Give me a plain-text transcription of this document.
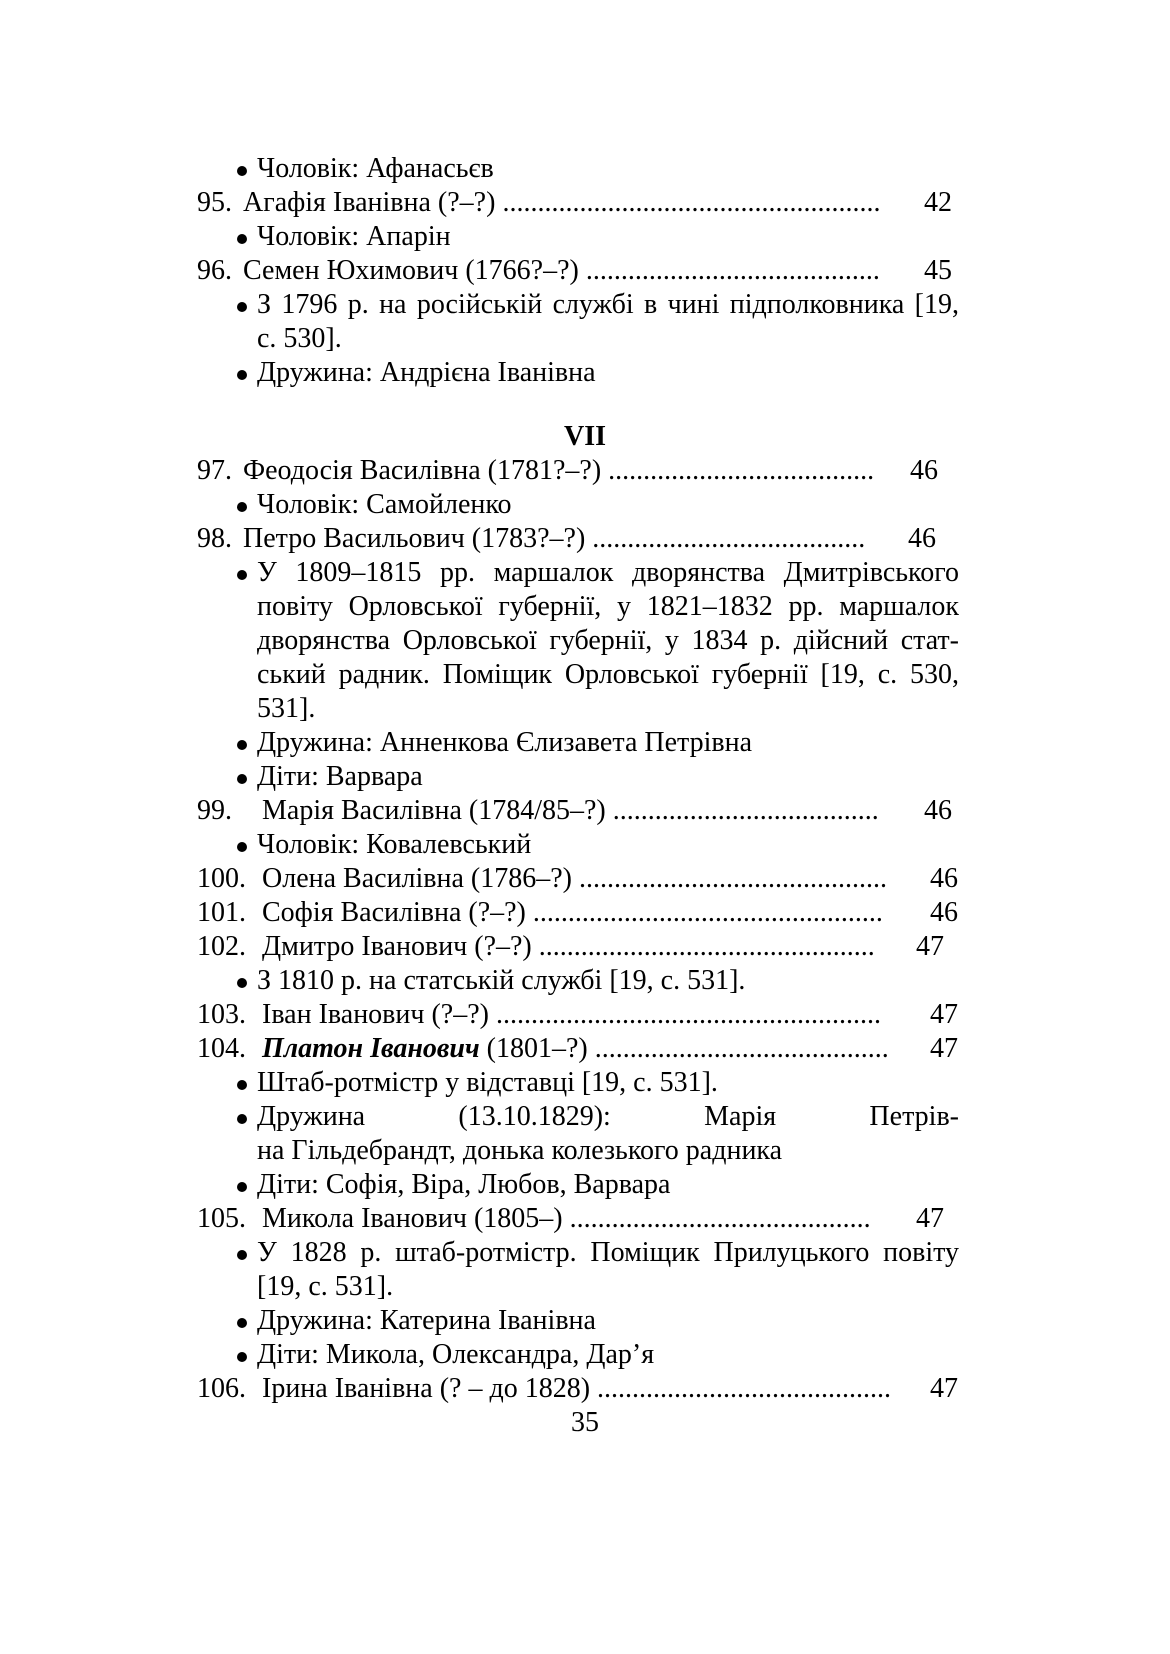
Чоловік: Афанасьєв
95. Агафія Іванівна (?–?) ...................................................... 42
Чоловік: Апарін
96. Семен Юхимович (1766?–?) .......................................... 45
З 1796 р. на російській службі в чині підполковника [19,
с. 530].
Дружина: Андрієна Іванівна
VII
97. Феодосія Василівна (1781?–?) ...................................... 46
Чоловік: Самойленко
98. Петро Васильович (1783?–?) ....................................... 46
У 1809–1815 рр. маршалок дворянства Дмитрівського
повіту Орловської губернії, у 1821–1832 рр. маршалок
дворянства Орловської губернії, у 1834 р. дійсний стат-
ський радник. Поміщик Орловської губернії [19, с. 530,
531].
Дружина: Анненкова Єлизавета Петрівна
Діти: Варвара
99. Марія Василівна (1784/85–?) ...................................... 46
Чоловік: Ковалевський
100. Олена Василівна (1786–?) ............................................ 46
101. Софія Василівна (?–?) .................................................. 46
102. Дмитро Іванович (?–?) ................................................ 47
З 1810 р. на статській службі [19, с. 531].
103. Іван Іванович (?–?) ....................................................... 47
104. Платон Іванович (1801–?) .......................................... 47
Штаб-ротмістр у відставці [19, с. 531].
Дружина (13.10.1829): Марія Петрів-
на Гільдебрандт, донька колезького радника
Діти: Софія, Віра, Любов, Варвара
105. Микола Іванович (1805–) ........................................... 47
У 1828 р. штаб-ротмістр. Поміщик Прилуцького повіту
[19, с. 531].
Дружина: Катерина Іванівна
Діти: Микола, Олександра, Дар’я
106. Ірина Іванівна (? – до 1828) .......................................... 47
35
